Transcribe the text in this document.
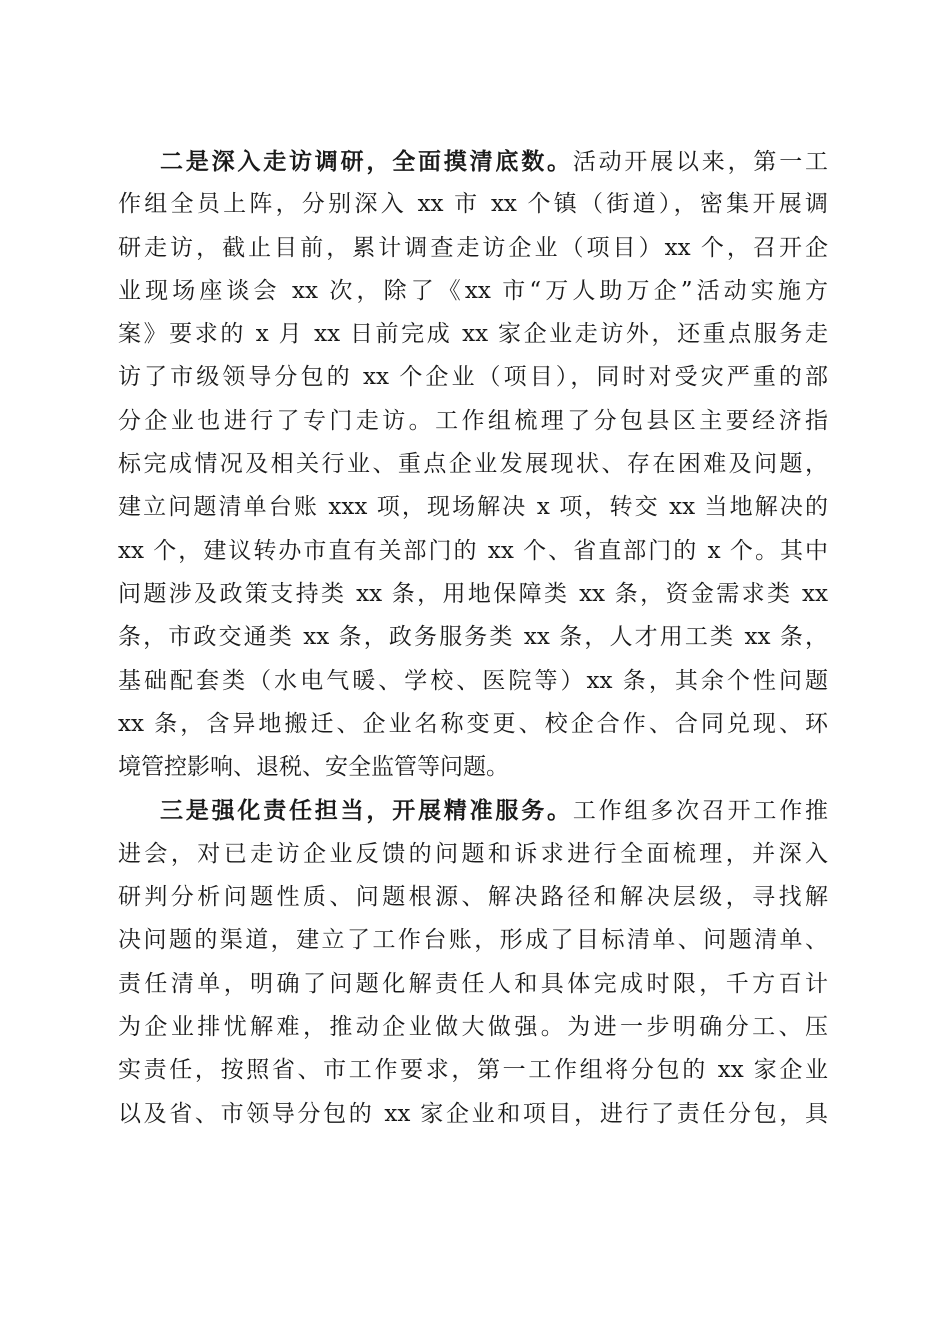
二是深入走访调研，全面摸清底数。活动开展以来，第一工
作组全员上阵，分别深入 xx 市 xx 个镇（街道），密集开展调
研走访，截止目前，累计调查走访企业（项目）xx 个，召开企
业现场座谈会 xx 次，除了《xx 市“万人助万企”活动实施方
案》要求的 x 月 xx 日前完成 xx 家企业走访外，还重点服务走
访了市级领导分包的 xx 个企业（项目），同时对受灾严重的部
分企业也进行了专门走访。工作组梳理了分包县区主要经济指
标完成情况及相关行业、重点企业发展现状、存在困难及问题，
建立问题清单台账 xxx 项，现场解决 x 项，转交 xx 当地解决的
xx 个，建议转办市直有关部门的 xx 个、省直部门的 x 个。其中
问题涉及政策支持类 xx 条，用地保障类 xx 条，资金需求类 xx
条，市政交通类 xx 条，政务服务类 xx 条，人才用工类 xx 条，
基础配套类（水电气暖、学校、医院等）xx 条，其余个性问题
xx 条，含异地搬迁、企业名称变更、校企合作、合同兑现、环
境管控影响、退税、安全监管等问题。
三是强化责任担当，开展精准服务。工作组多次召开工作推
进会，对已走访企业反馈的问题和诉求进行全面梳理，并深入
研判分析问题性质、问题根源、解决路径和解决层级，寻找解
决问题的渠道，建立了工作台账，形成了目标清单、问题清单、
责任清单，明确了问题化解责任人和具体完成时限，千方百计
为企业排忧解难，推动企业做大做强。为进一步明确分工、压
实责任，按照省、市工作要求，第一工作组将分包的 xx 家企业
以及省、市领导分包的 xx 家企业和项目，进行了责任分包，具
